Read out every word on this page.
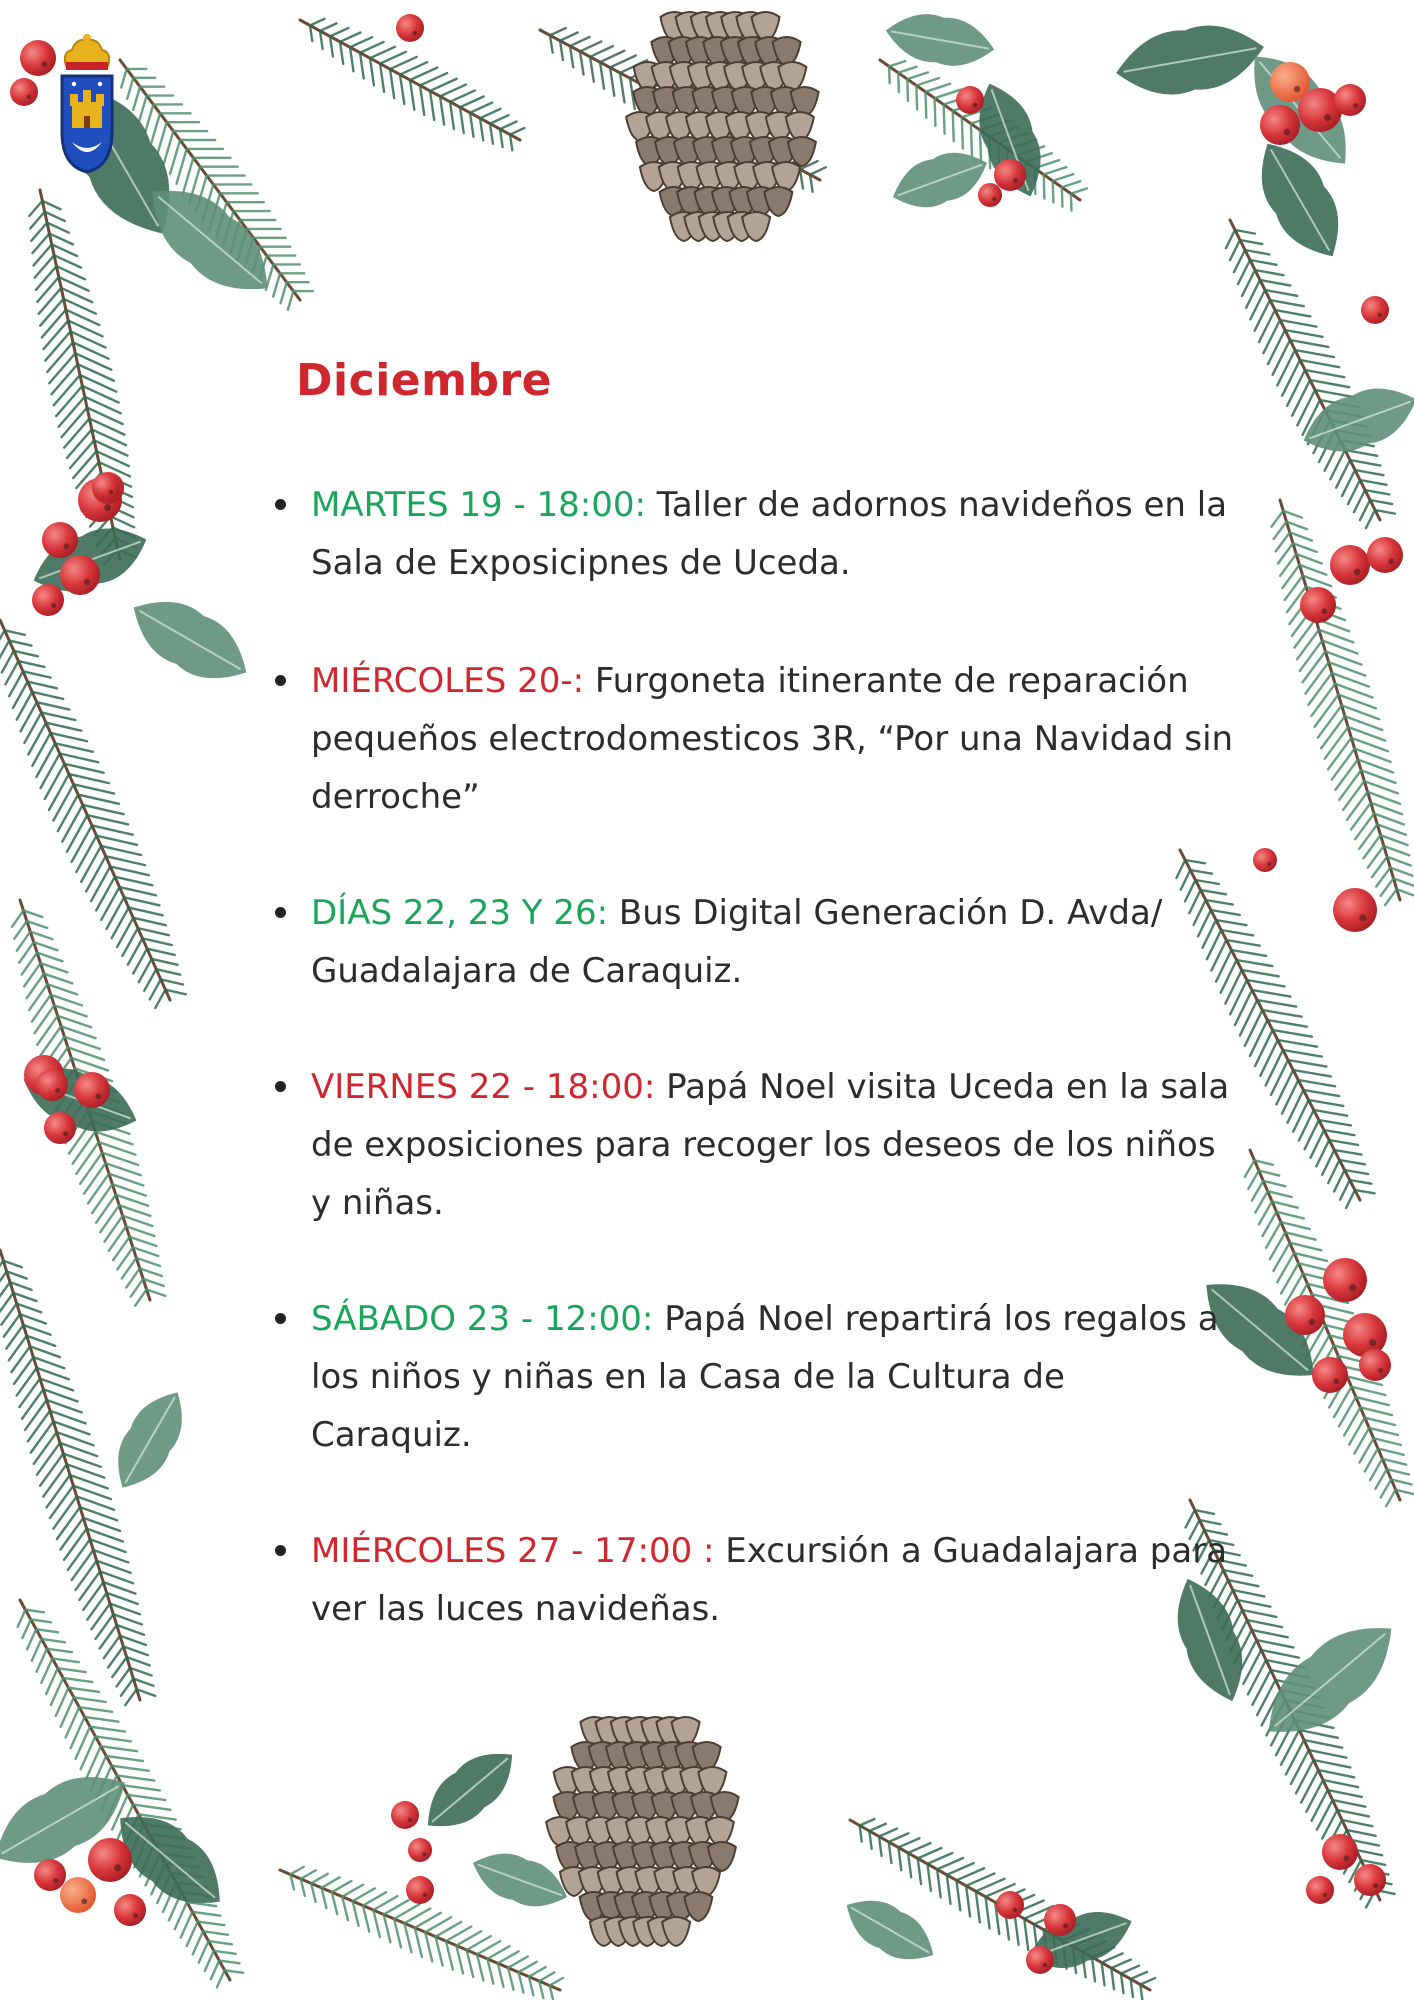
Diciembre
MARTES 19 - 18:00: Taller de adornos navideños en la Sala de Exposicipnes de Uceda.
MIÉRCOLES 20-: Furgoneta itinerante de reparación pequeños electrodomesticos 3R, “Por una Navidad sin derroche”
DÍAS 22, 23 Y 26: Bus Digital Generación D. Avda/ Guadalajara de Caraquiz.
VIERNES 22 - 18:00: Papá Noel visita Uceda en la sala de exposiciones para recoger los deseos de los niños y niñas.
SÁBADO 23 - 12:00: Papá Noel repartirá los regalos a los niños y niñas en la Casa de la Cultura de Caraquiz.
MIÉRCOLES 27 - 17:00 : Excursión a Guadalajara para ver las luces navideñas.
